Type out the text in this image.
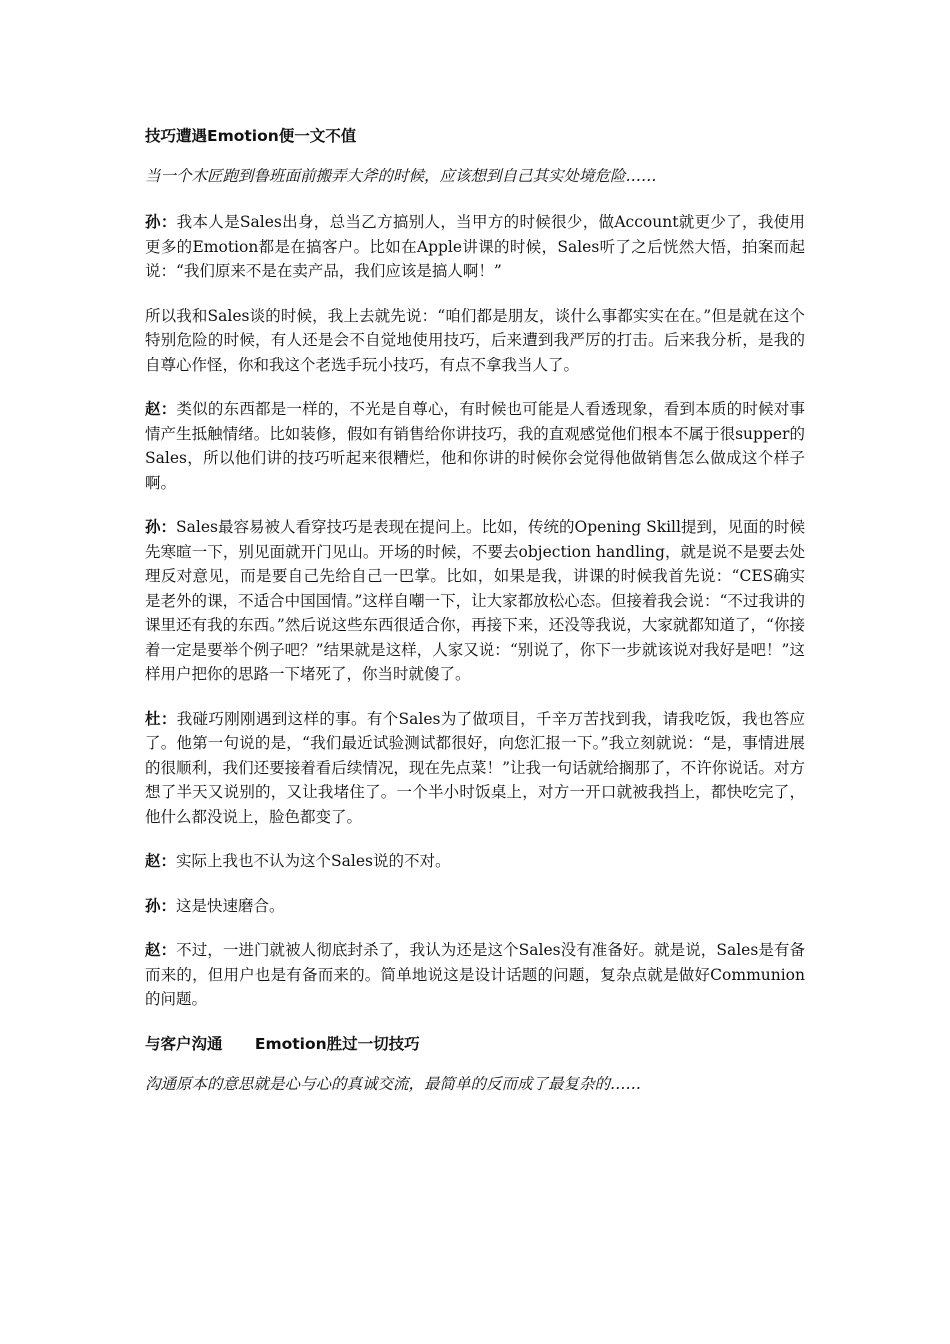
技巧遭遇Emotion便一文不值
当一个木匠跑到鲁班面前搬弄大斧的时候，应该想到自己其实处境危险……
孙：我本人是Sales出身，总当乙方搞别人，当甲方的时候很少，做Account就更少了，我使用更多的Emotion都是在搞客户。比如在Apple讲课的时候，Sales听了之后恍然大悟，拍案而起说：“我们原来不是在卖产品，我们应该是搞人啊！”
所以我和Sales谈的时候，我上去就先说：“咱们都是朋友，谈什么事都实实在在。”但是就在这个特别危险的时候，有人还是会不自觉地使用技巧，后来遭到我严厉的打击。后来我分析，是我的自尊心作怪，你和我这个老选手玩小技巧，有点不拿我当人了。
赵：类似的东西都是一样的，不光是自尊心，有时候也可能是人看透现象，看到本质的时候对事情产生抵触情绪。比如装修，假如有销售给你讲技巧，我的直观感觉他们根本不属于很supper的Sales，所以他们讲的技巧听起来很糟烂，他和你讲的时候你会觉得他做销售怎么做成这个样子啊。
孙：Sales最容易被人看穿技巧是表现在提问上。比如，传统的Opening Skill提到，见面的时候先寒暄一下，别见面就开门见山。开场的时候，不要去objection handling，就是说不是要去处理反对意见，而是要自己先给自己一巴掌。比如，如果是我，讲课的时候我首先说：“CES确实是老外的课，不适合中国国情。”这样自嘲一下，让大家都放松心态。但接着我会说：“不过我讲的课里还有我的东西。”然后说这些东西很适合你，再接下来，还没等我说，大家就都知道了，“你接着一定是要举个例子吧？”结果就是这样，人家又说：“别说了，你下一步就该说对我好是吧！”这样用户把你的思路一下堵死了，你当时就傻了。
杜：我碰巧刚刚遇到这样的事。有个Sales为了做项目，千辛万苦找到我，请我吃饭，我也答应了。他第一句说的是，“我们最近试验测试都很好，向您汇报一下。”我立刻就说：“是，事情进展的很顺利，我们还要接着看后续情况，现在先点菜！”让我一句话就给搁那了，不许你说话。对方想了半天又说别的，又让我堵住了。一个半小时饭桌上，对方一开口就被我挡上，都快吃完了，他什么都没说上，脸色都变了。
赵：实际上我也不认为这个Sales说的不对。
孙：这是快速磨合。
赵：不过，一进门就被人彻底封杀了，我认为还是这个Sales没有准备好。就是说，Sales是有备而来的，但用户也是有备而来的。简单地说这是设计话题的问题，复杂点就是做好Communion的问题。
与客户沟通      Emotion胜过一切技巧
沟通原本的意思就是心与心的真诚交流，最简单的反而成了最复杂的……
